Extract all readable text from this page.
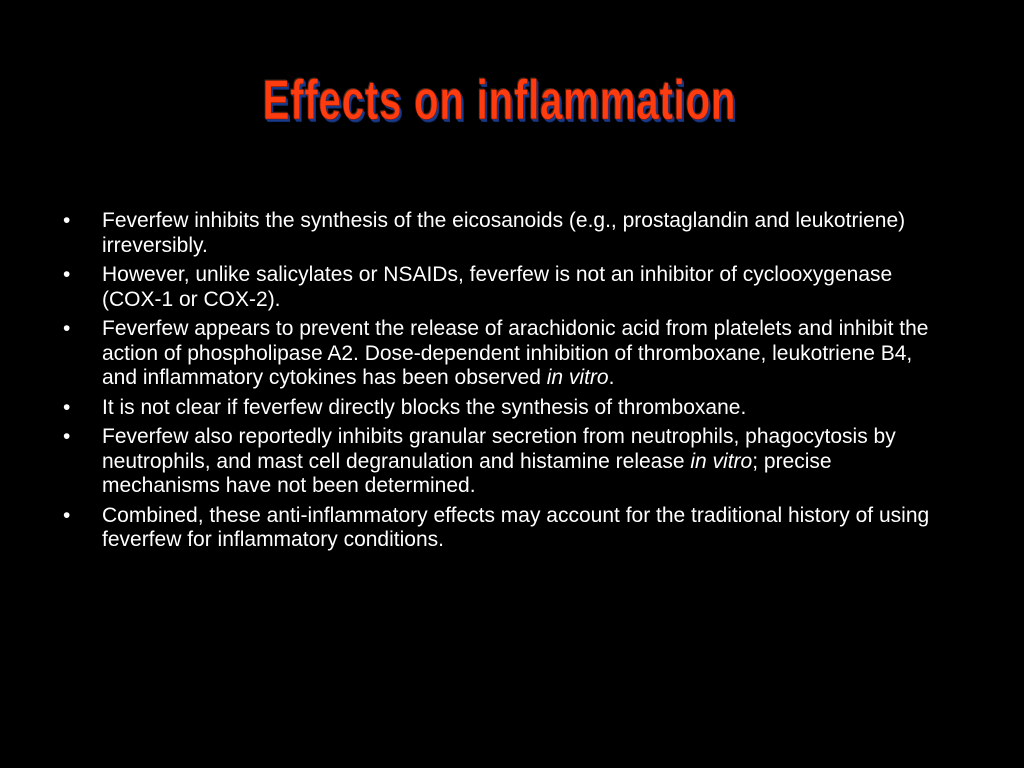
Effects on inflammation
• Feverfew inhibits the synthesis of the eicosanoids (e.g., prostaglandin and leukotriene) irreversibly.
• However, unlike salicylates or NSAIDs, feverfew is not an inhibitor of cyclooxygenase (COX-1 or COX-2).
• Feverfew appears to prevent the release of arachidonic acid from platelets and inhibit the action of phospholipase A2. Dose-dependent inhibition of thromboxane, leukotriene B4, and inflammatory cytokines has been observed in vitro.
• It is not clear if feverfew directly blocks the synthesis of thromboxane.
• Feverfew also reportedly inhibits granular secretion from neutrophils, phagocytosis by neutrophils, and mast cell degranulation and histamine release in vitro; precise mechanisms have not been determined.
• Combined, these anti-inflammatory effects may account for the traditional history of using feverfew for inflammatory conditions.
